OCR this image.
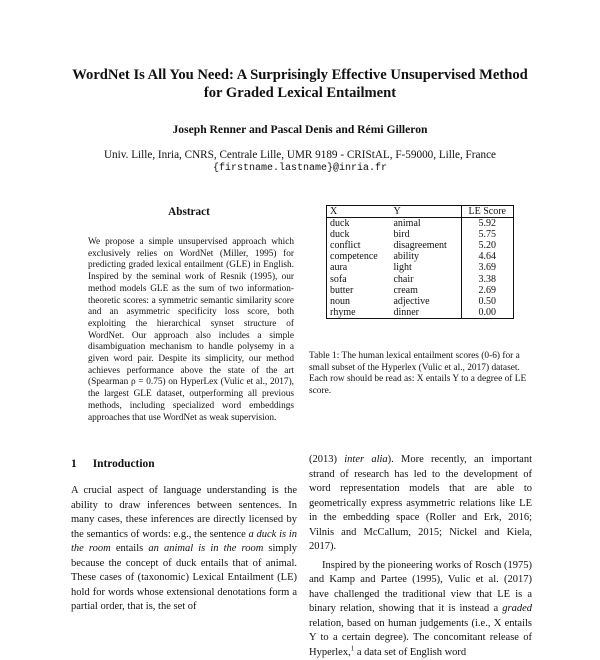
WordNet Is All You Need: A Surprisingly Effective Unsupervised Method
for Graded Lexical Entailment
Joseph Renner and Pascal Denis and Rémi Gilleron
Univ. Lille, Inria, CNRS, Centrale Lille, UMR 9189 - CRIStAL, F-59000, Lille, France
{firstname.lastname}@inria.fr
Abstract

We propose a simple unsupervised approach which exclusively relies on WordNet (Miller, 1995) for predicting graded lexical entailment (GLE) in English. Inspired by the seminal work of Resnik (1995), our method models GLE as the sum of two information-theoretic scores: a symmetric semantic similarity score and an asymmetric specificity loss score, both exploiting the hierarchical synset structure of WordNet. Our approach also includes a simple disambiguation mechanism to handle polysemy in a given word pair. Despite its simplicity, our method achieves performance above the state of the art (Spearman ρ = 0.75) on HyperLex (Vulic et al., 2017), the largest GLE dataset, outperforming all previous methods, including specialized word embeddings approaches that use WordNet as weak supervision.

X	Y	LE Score
duck	animal	5.92
duck	bird	5.75
conflict	disagreement	5.20
competence	ability	4.64
aura	light	3.69
sofa	chair	3.38
butter	cream	2.69
noun	adjective	0.50
rhyme	dinner	0.00
Table 1: The human lexical entailment scores (0-6) for a small subset of the Hyperlex (Vulic et al., 2017) dataset. Each row should be read as: X entails Y to a degree of LE score.
1 Introduction

A crucial aspect of language understanding is the ability to draw inferences between sentences. In many cases, these inferences are directly licensed by the semantics of words: e.g., the sentence a duck is in the room entails an animal is in the room simply because the concept of duck entails that of animal. These cases of (taxonomic) Lexical Entailment (LE) hold for words whose extensional denotations form a partial order, that is, the set of

(2013) inter alia). More recently, an important strand of research has led to the development of word representation models that are able to geometrically express asymmetric relations like LE in the embedding space (Roller and Erk, 2016; Vilnis and McCallum, 2015; Nickel and Kiela, 2017).

Inspired by the pioneering works of Rosch (1975) and Kamp and Partee (1995), Vulic et al. (2017) have challenged the traditional view that LE is a binary relation, showing that it is instead a graded relation, based on human judgements (i.e., X entails Y to a certain degree). The concomitant release of Hyperlex,$^1$ a data set of English word
